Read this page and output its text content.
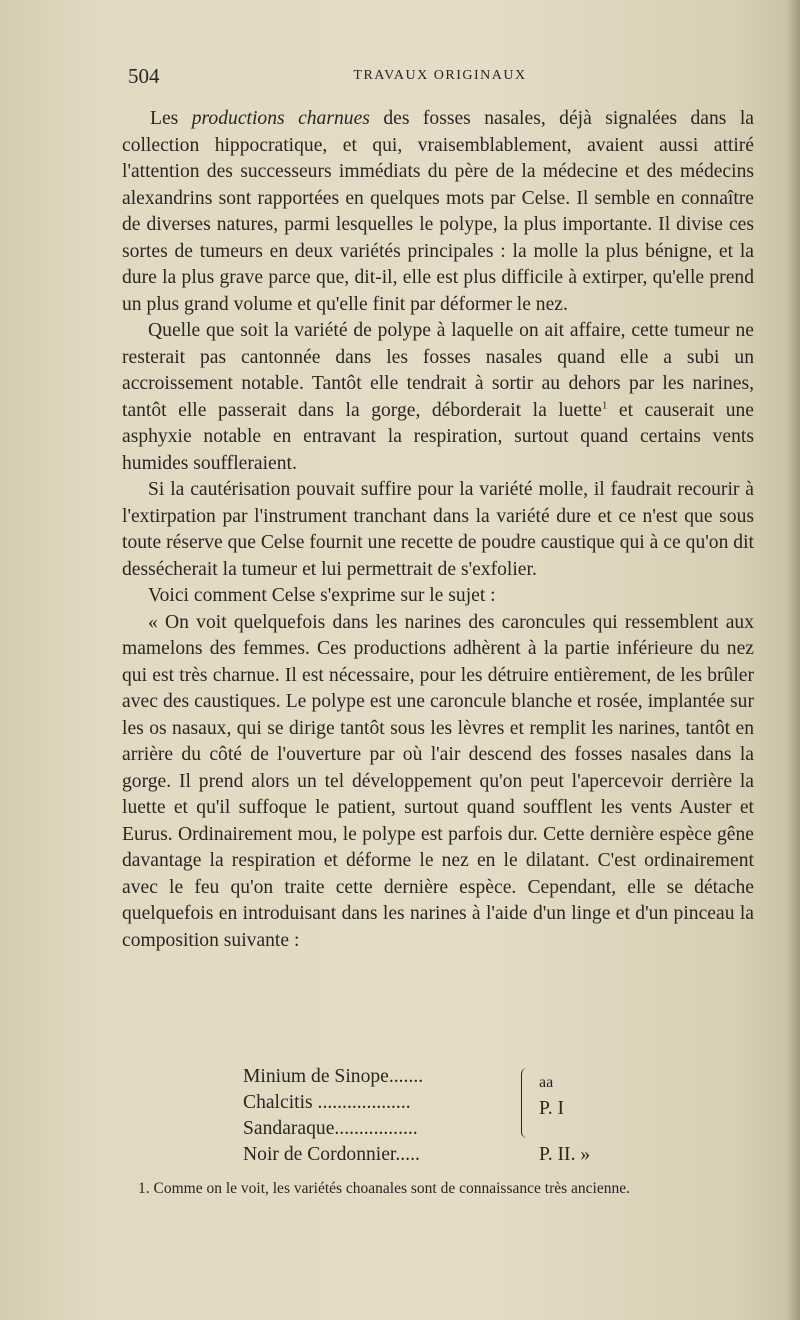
504	TRAVAUX ORIGINAUX

Les productions charnues des fosses nasales, déjà signalées dans la collection hippocratique, et qui, vraisemblablement, avaient aussi attiré l'attention des successeurs immédiats du père de la médecine et des médecins alexandrins sont rapportées en quelques mots par Celse. Il semble en connaître de diverses natures, parmi lesquelles le polype, la plus importante. Il divise ces sortes de tumeurs en deux variétés principales : la molle la plus bénigne, et la dure la plus grave parce que, dit-il, elle est plus difficile à extirper, qu'elle prend un plus grand volume et qu'elle finit par déformer le nez.

Quelle que soit la variété de polype à laquelle on ait affaire, cette tumeur ne resterait pas cantonnée dans les fosses nasales quand elle a subi un accroissement notable. Tantôt elle tendrait à sortir au dehors par les narines, tantôt elle passerait dans la gorge, déborderait la luette$^1$ et causerait une asphyxie notable en entravant la respiration, surtout quand certains vents humides souffleraient.

Si la cautérisation pouvait suffire pour la variété molle, il faudrait recourir à l'extirpation par l'instrument tranchant dans la variété dure et ce n'est que sous toute réserve que Celse fournit une recette de poudre caustique qui à ce qu'on dit dessécherait la tumeur et lui permettrait de s'exfolier.

Voici comment Celse s'exprime sur le sujet :

« On voit quelquefois dans les narines des caroncules qui ressemblent aux mamelons des femmes. Ces productions adhèrent à la partie inférieure du nez qui est très charnue. Il est nécessaire, pour les détruire entièrement, de les brûler avec des caustiques. Le polype est une caroncule blanche et rosée, implantée sur les os nasaux, qui se dirige tantôt sous les lèvres et remplit les narines, tantôt en arrière du côté de l'ouverture par où l'air descend des fosses nasales dans la gorge. Il prend alors un tel développement qu'on peut l'apercevoir derrière la luette et qu'il suffoque le patient, surtout quand soufflent les vents Auster et Eurus. Ordinairement mou, le polype est parfois dur. Cette dernière espèce gêne davantage la respiration et déforme le nez en le dilatant. C'est ordinairement avec le feu qu'on traite cette dernière espèce. Cependant, elle se détache quelquefois en introduisant dans les narines à l'aide d'un linge et d'un pinceau la composition suivante :

Minium de Sinope.......
Chalcitis ...................
Sandaraque.................
Noir de Cordonnier.....
aa
P. I
P. II. »
1. Comme on le voit, les variétés choanales sont de connaissance très ancienne.
